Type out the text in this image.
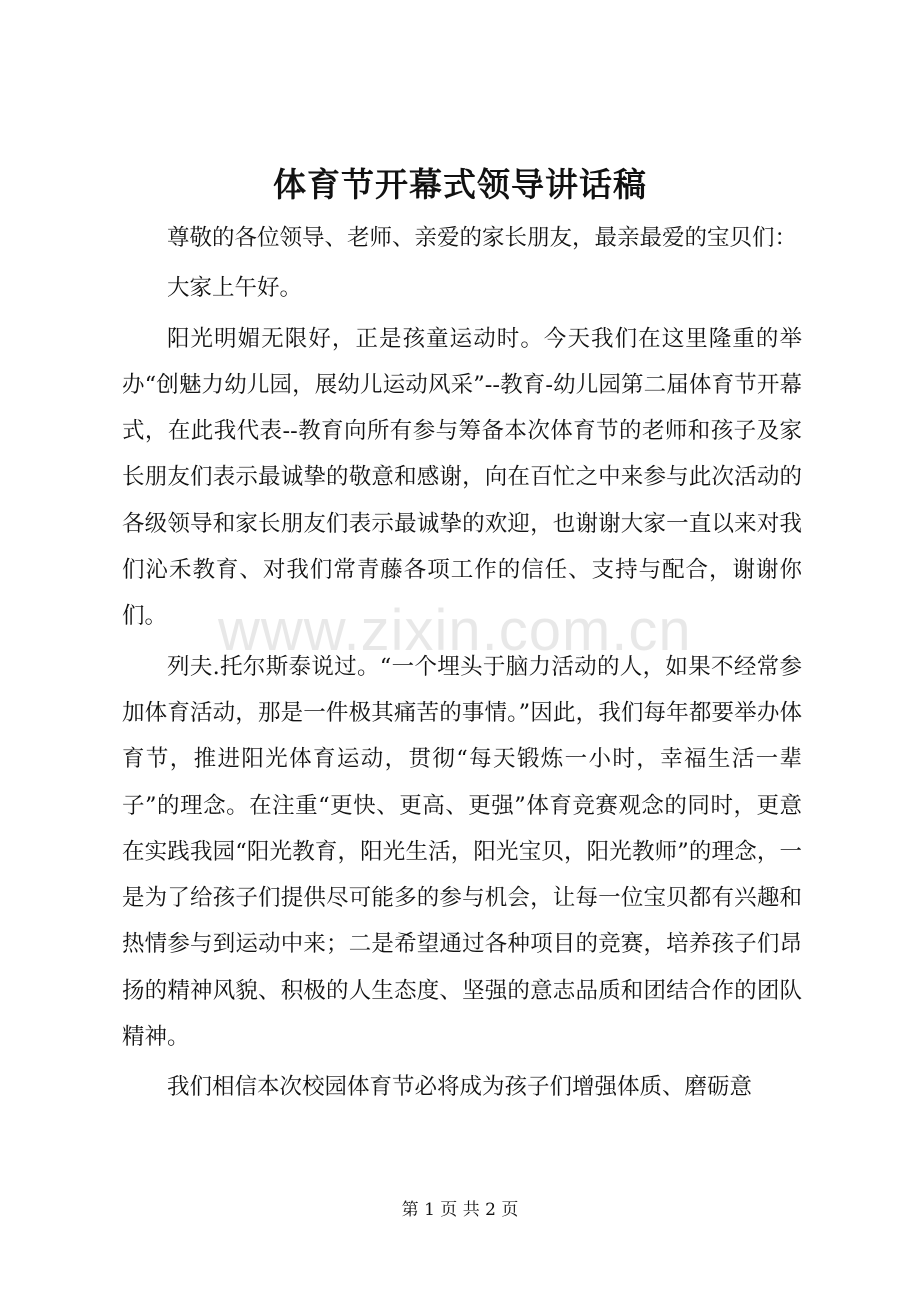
体育节开幕式领导讲话稿

尊敬的各位领导、老师、亲爱的家长朋友，最亲最爱的宝贝们：

大家上午好。

阳光明媚无限好，正是孩童运动时。今天我们在这里隆重的举办“创魅力幼儿园，展幼儿运动风采”--教育-幼儿园第二届体育节开幕式，在此我代表--教育向所有参与筹备本次体育节的老师和孩子及家长朋友们表示最诚挚的敬意和感谢，向在百忙之中来参与此次活动的各级领导和家长朋友们表示最诚挚的欢迎，也谢谢大家一直以来对我们沁禾教育、对我们常青藤各项工作的信任、支持与配合，谢谢你们。

列夫.托尔斯泰说过。“一个埋头于脑力活动的人，如果不经常参加体育活动，那是一件极其痛苦的事情。”因此，我们每年都要举办体育节，推进阳光体育运动，贯彻“每天锻炼一小时，幸福生活一辈子”的理念。在注重“更快、更高、更强”体育竞赛观念的同时，更意在实践我园“阳光教育，阳光生活，阳光宝贝，阳光教师”的理念，一是为了给孩子们提供尽可能多的参与机会，让每一位宝贝都有兴趣和热情参与到运动中来；二是希望通过各种项目的竞赛，培养孩子们昂扬的精神风貌、积极的人生态度、坚强的意志品质和团结合作的团队精神。

我们相信本次校园体育节必将成为孩子们增强体质、磨砺意

www.zixin.com.cn
第 1 页 共 2 页
